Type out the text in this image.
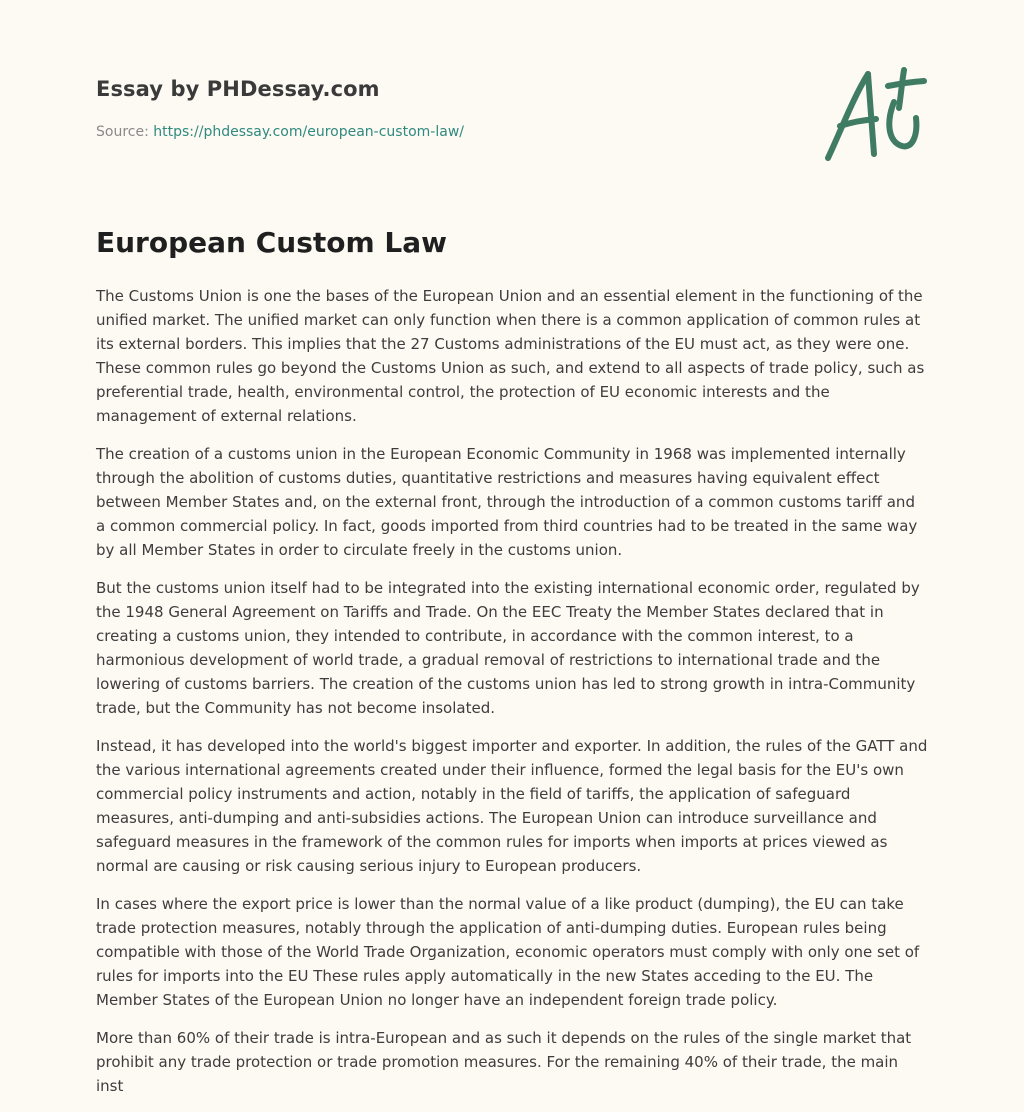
Essay by PHDessay.com
Source: https://phdessay.com/european-custom-law/
European Custom Law

The Customs Union is one the bases of the European Union and an essential element in the functioning of the unified market. The unified market can only function when there is a common application of common rules at its external borders. This implies that the 27 Customs administrations of the EU must act, as they were one. These common rules go beyond the Customs Union as such, and extend to all aspects of trade policy, such as preferential trade, health, environmental control, the protection of EU economic interests and the management of external relations.

The creation of a customs union in the European Economic Community in 1968 was implemented internally through the abolition of customs duties, quantitative restrictions and measures having equivalent effect between Member States and, on the external front, through the introduction of a common customs tariff and a common commercial policy. In fact, goods imported from third countries had to be treated in the same way by all Member States in order to circulate freely in the customs union.

But the customs union itself had to be integrated into the existing international economic order, regulated by the 1948 General Agreement on Tariffs and Trade. On the EEC Treaty the Member States declared that in creating a customs union, they intended to contribute, in accordance with the common interest, to a harmonious development of world trade, a gradual removal of restrictions to international trade and the lowering of customs barriers. The creation of the customs union has led to strong growth in intra-Community trade, but the Community has not become insolated.

Instead, it has developed into the world's biggest importer and exporter. In addition, the rules of the GATT and the various international agreements created under their influence, formed the legal basis for the EU's own commercial policy instruments and action, notably in the field of tariffs, the application of safeguard measures, anti-dumping and anti-subsidies actions. The European Union can introduce surveillance and safeguard measures in the framework of the common rules for imports when imports at prices viewed as normal are causing or risk causing serious injury to European producers.

In cases where the export price is lower than the normal value of a like product (dumping), the EU can take trade protection measures, notably through the application of anti-dumping duties. European rules being compatible with those of the World Trade Organization, economic operators must comply with only one set of rules for imports into the EU These rules apply automatically in the new States acceding to the EU. The Member States of the European Union no longer have an independent foreign trade policy.

More than 60% of their trade is intra-European and as such it depends on the rules of the single market that prohibit any trade protection or trade promotion measures. For the remaining 40% of their trade, the main inst
